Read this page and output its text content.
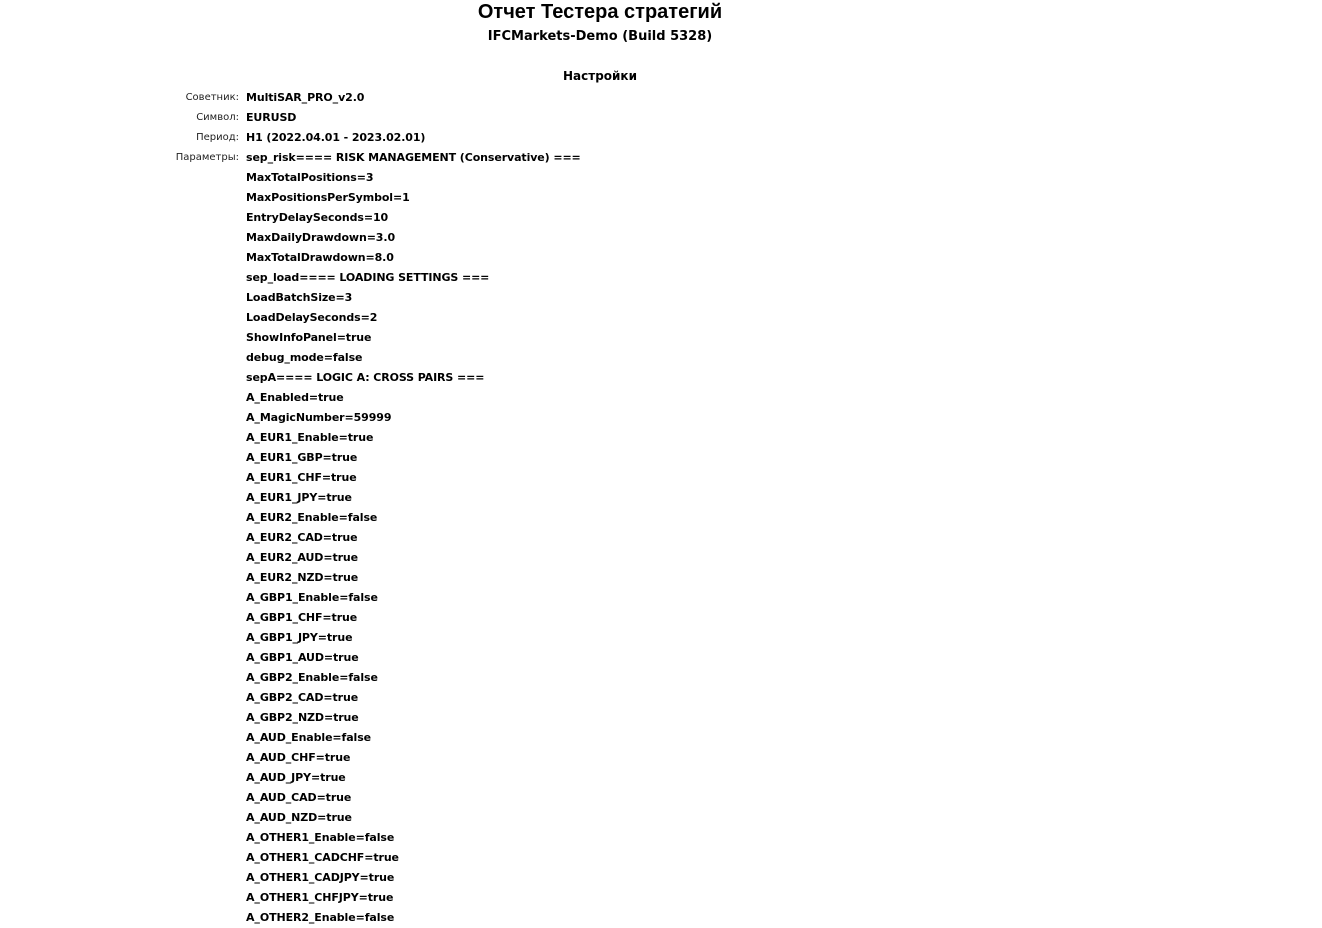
Отчет Тестера стратегий
IFCMarkets-Demo (Build 5328)
Настройки
Советник:	MultiSAR_PRO_v2.0
Символ:	EURUSD
Период:	H1 (2022.04.01 - 2023.02.01)
Параметры:	sep_risk==== RISK MANAGEMENT (Conservative) ===
	MaxTotalPositions=3
	MaxPositionsPerSymbol=1
	EntryDelaySeconds=10
	MaxDailyDrawdown=3.0
	MaxTotalDrawdown=8.0
	sep_load==== LOADING SETTINGS ===
	LoadBatchSize=3
	LoadDelaySeconds=2
	ShowInfoPanel=true
	debug_mode=false
	sepA==== LOGIC A: CROSS PAIRS ===
	A_Enabled=true
	A_MagicNumber=59999
	A_EUR1_Enable=true
	A_EUR1_GBP=true
	A_EUR1_CHF=true
	A_EUR1_JPY=true
	A_EUR2_Enable=false
	A_EUR2_CAD=true
	A_EUR2_AUD=true
	A_EUR2_NZD=true
	A_GBP1_Enable=false
	A_GBP1_CHF=true
	A_GBP1_JPY=true
	A_GBP1_AUD=true
	A_GBP2_Enable=false
	A_GBP2_CAD=true
	A_GBP2_NZD=true
	A_AUD_Enable=false
	A_AUD_CHF=true
	A_AUD_JPY=true
	A_AUD_CAD=true
	A_AUD_NZD=true
	A_OTHER1_Enable=false
	A_OTHER1_CADCHF=true
	A_OTHER1_CADJPY=true
	A_OTHER1_CHFJPY=true
	A_OTHER2_Enable=false
